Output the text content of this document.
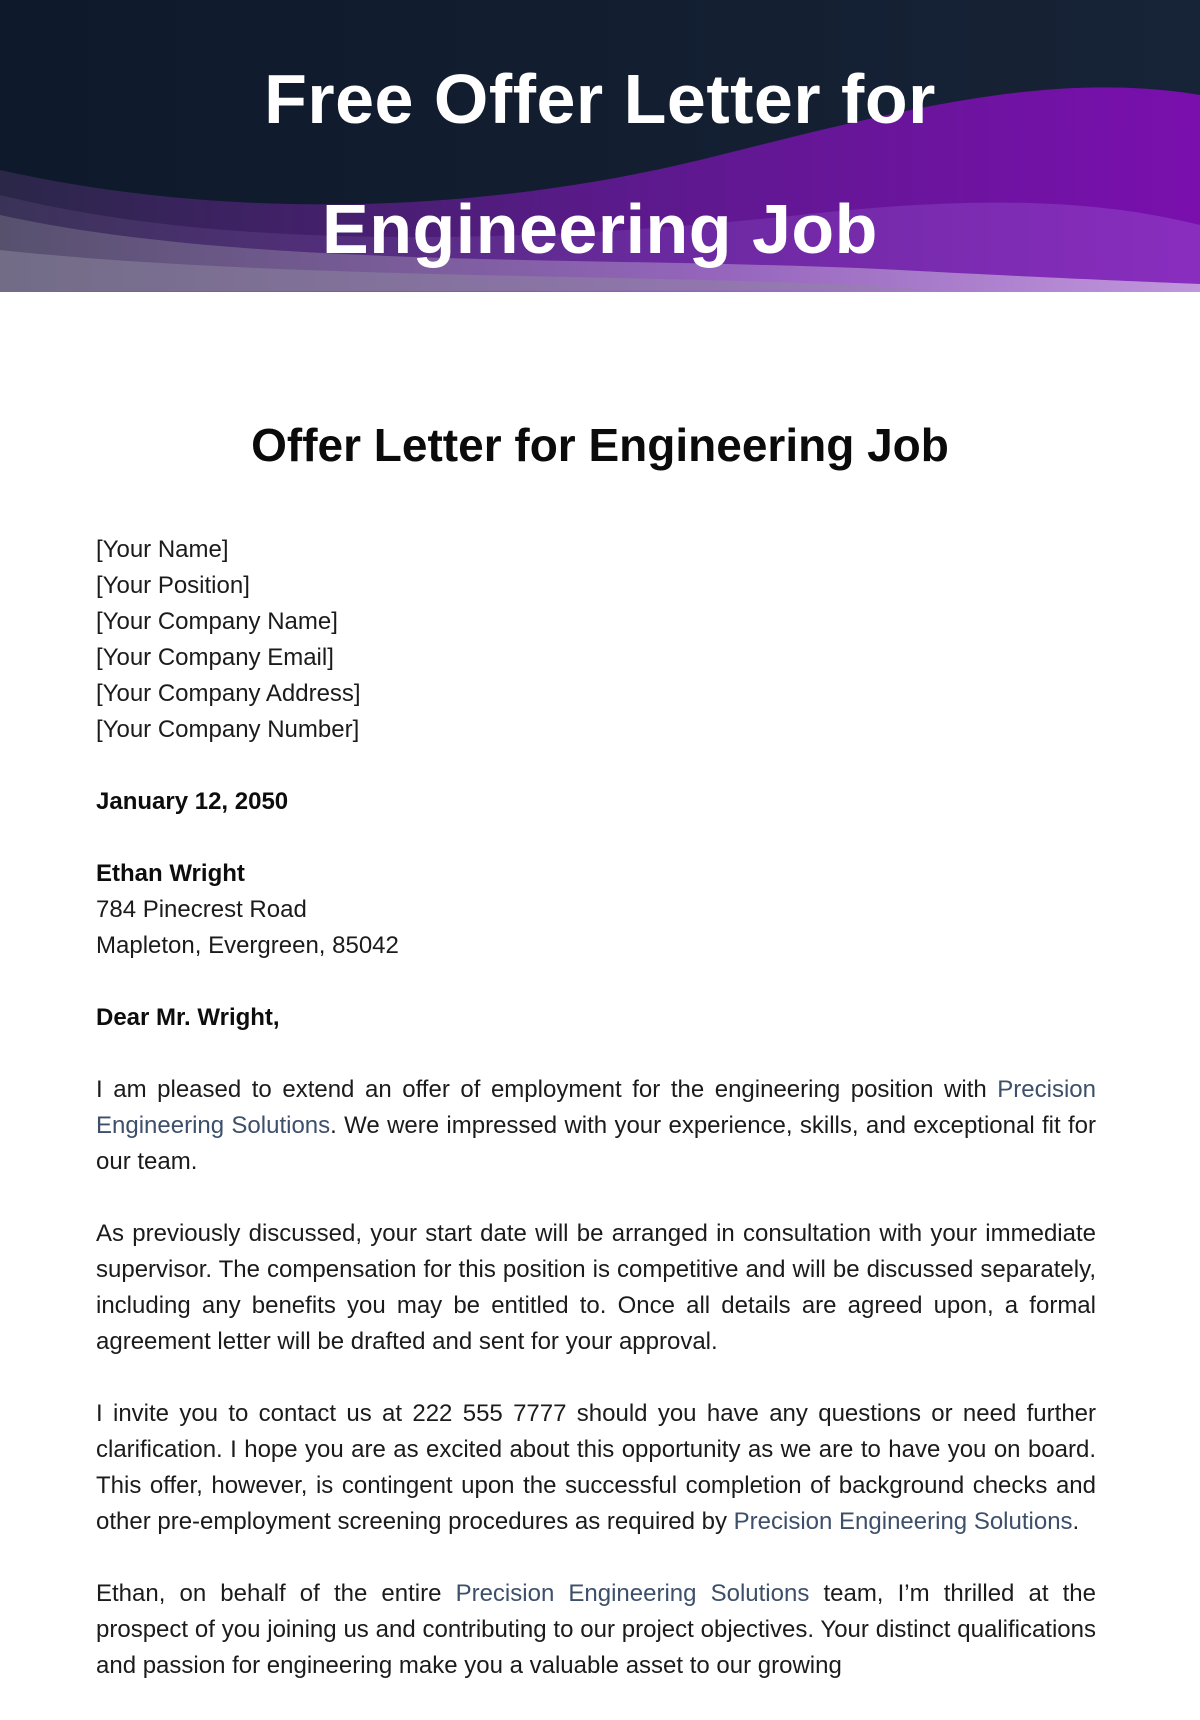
Free Offer Letter for
Engineering Job
Offer Letter for Engineering Job
[Your Name]
[Your Position]
[Your Company Name]
[Your Company Email]
[Your Company Address]
[Your Company Number]
January 12, 2050
Ethan Wright
784 Pinecrest Road
Mapleton, Evergreen, 85042
Dear Mr. Wright,

I am pleased to extend an offer of employment for the engineering position with Precision Engineering Solutions. We were impressed with your experience, skills, and exceptional fit for our team.

As previously discussed, your start date will be arranged in consultation with your immediate supervisor. The compensation for this position is competitive and will be discussed separately, including any benefits you may be entitled to. Once all details are agreed upon, a formal agreement letter will be drafted and sent for your approval.

I invite you to contact us at 222 555 7777 should you have any questions or need further clarification. I hope you are as excited about this opportunity as we are to have you on board. This offer, however, is contingent upon the successful completion of background checks and other pre-employment screening procedures as required by Precision Engineering Solutions.

Ethan, on behalf of the entire Precision Engineering Solutions team, I’m thrilled at the prospect of you joining us and contributing to our project objectives. Your distinct qualifications and passion for engineering make you a valuable asset to our growing
